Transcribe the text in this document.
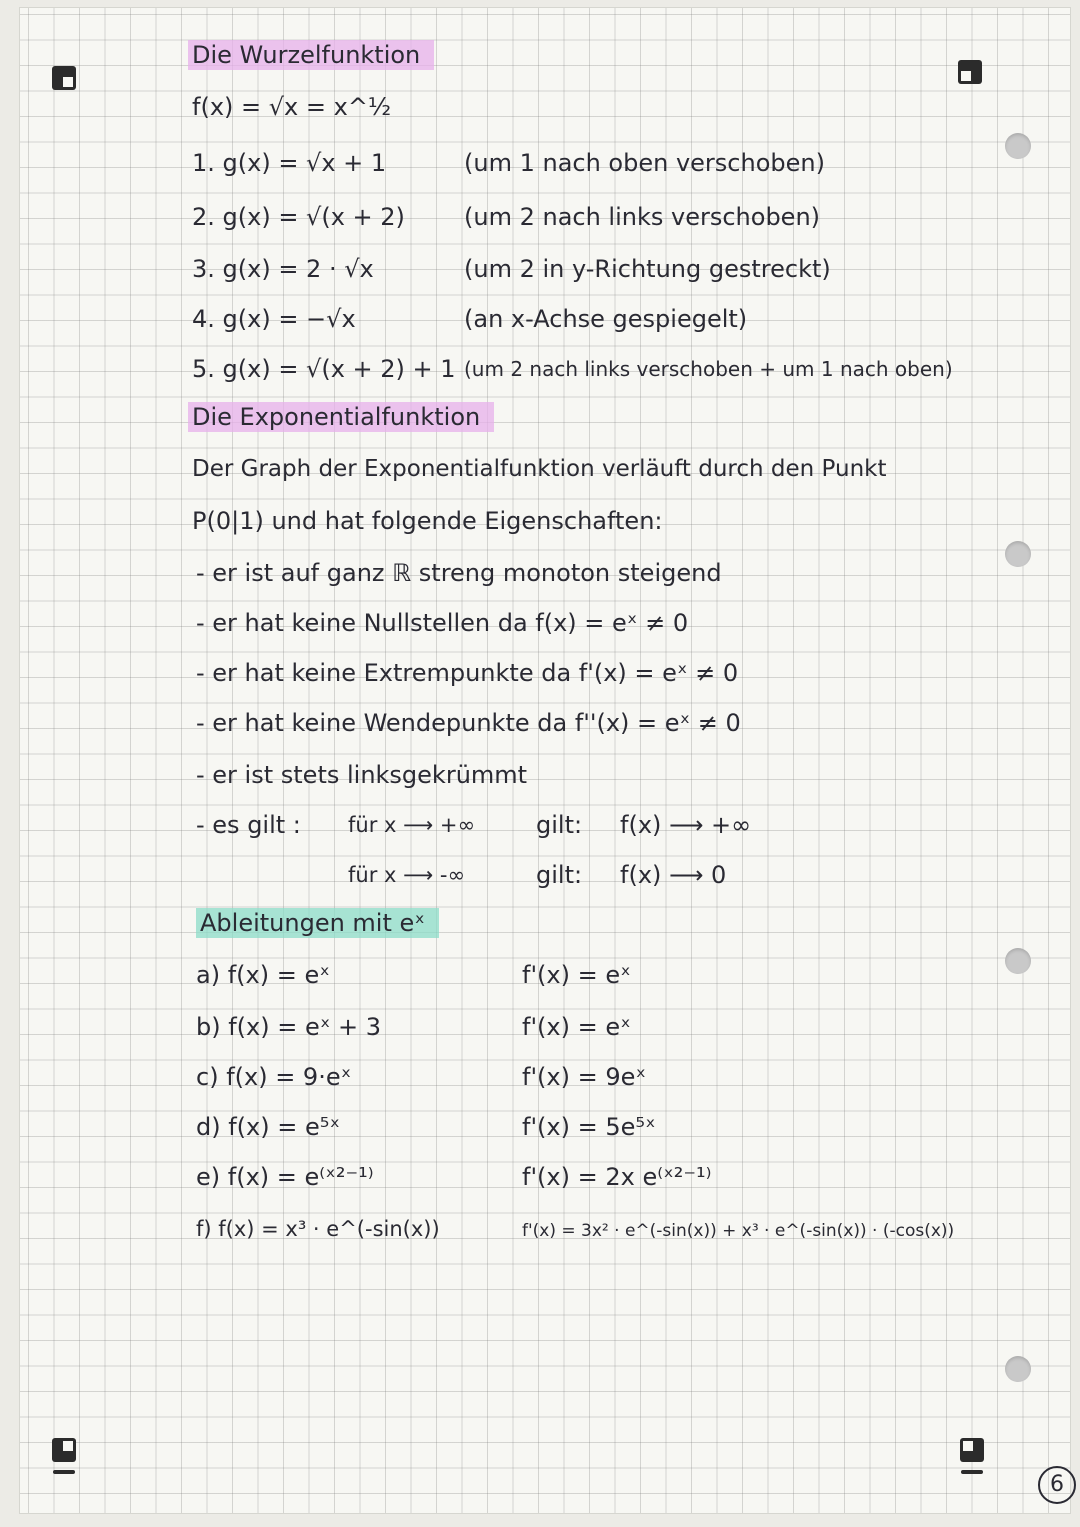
Die Wurzelfunktion
f(x) = √x = x^½
1. g(x) = √x + 1	(um 1 nach oben verschoben)
2. g(x) = √(x + 2) (um 2 nach links verschoben)
3. g(x) = 2 · √x	(um 2 in y-Richtung gestreckt)
4. g(x) = −√x	(an x-Achse gespiegelt)
5. g(x) = √(x + 2) + 1 (um 2 nach links verschoben + um 1 nach oben)
Die Exponentialfunktion
Der Graph der Exponentialfunktion verläuft durch den Punkt
P(0|1) und hat folgende Eigenschaften:
- er ist auf ganz ℝ streng monoton steigend
- er hat keine Nullstellen da f(x) = eˣ ≠ 0
- er hat keine Extrempunkte da f'(x) = eˣ ≠ 0
- er hat keine Wendepunkte da f''(x) = eˣ ≠ 0
- er ist stets linksgekrümmt
- es gilt : für x ⟶ +∞	gilt: f(x) ⟶ +∞
für x ⟶ -∞	gilt: f(x) ⟶ 0
Ableitungen mit eˣ
a) f(x) = eˣ	f'(x) = eˣ
b) f(x) = eˣ + 3	f'(x) = eˣ
c) f(x) = 9·eˣ	f'(x) = 9eˣ
d) f(x) = e⁵ˣ	f'(x) = 5e⁵ˣ
e) f(x) = e⁽ˣ²⁻¹⁾	f'(x) = 2x e⁽ˣ²⁻¹⁾
f) f(x) = x³ · e^(-sin(x))	f'(x) = 3x² · e^(-sin(x)) + x³ · e^(-sin(x)) · (-cos(x))
6
